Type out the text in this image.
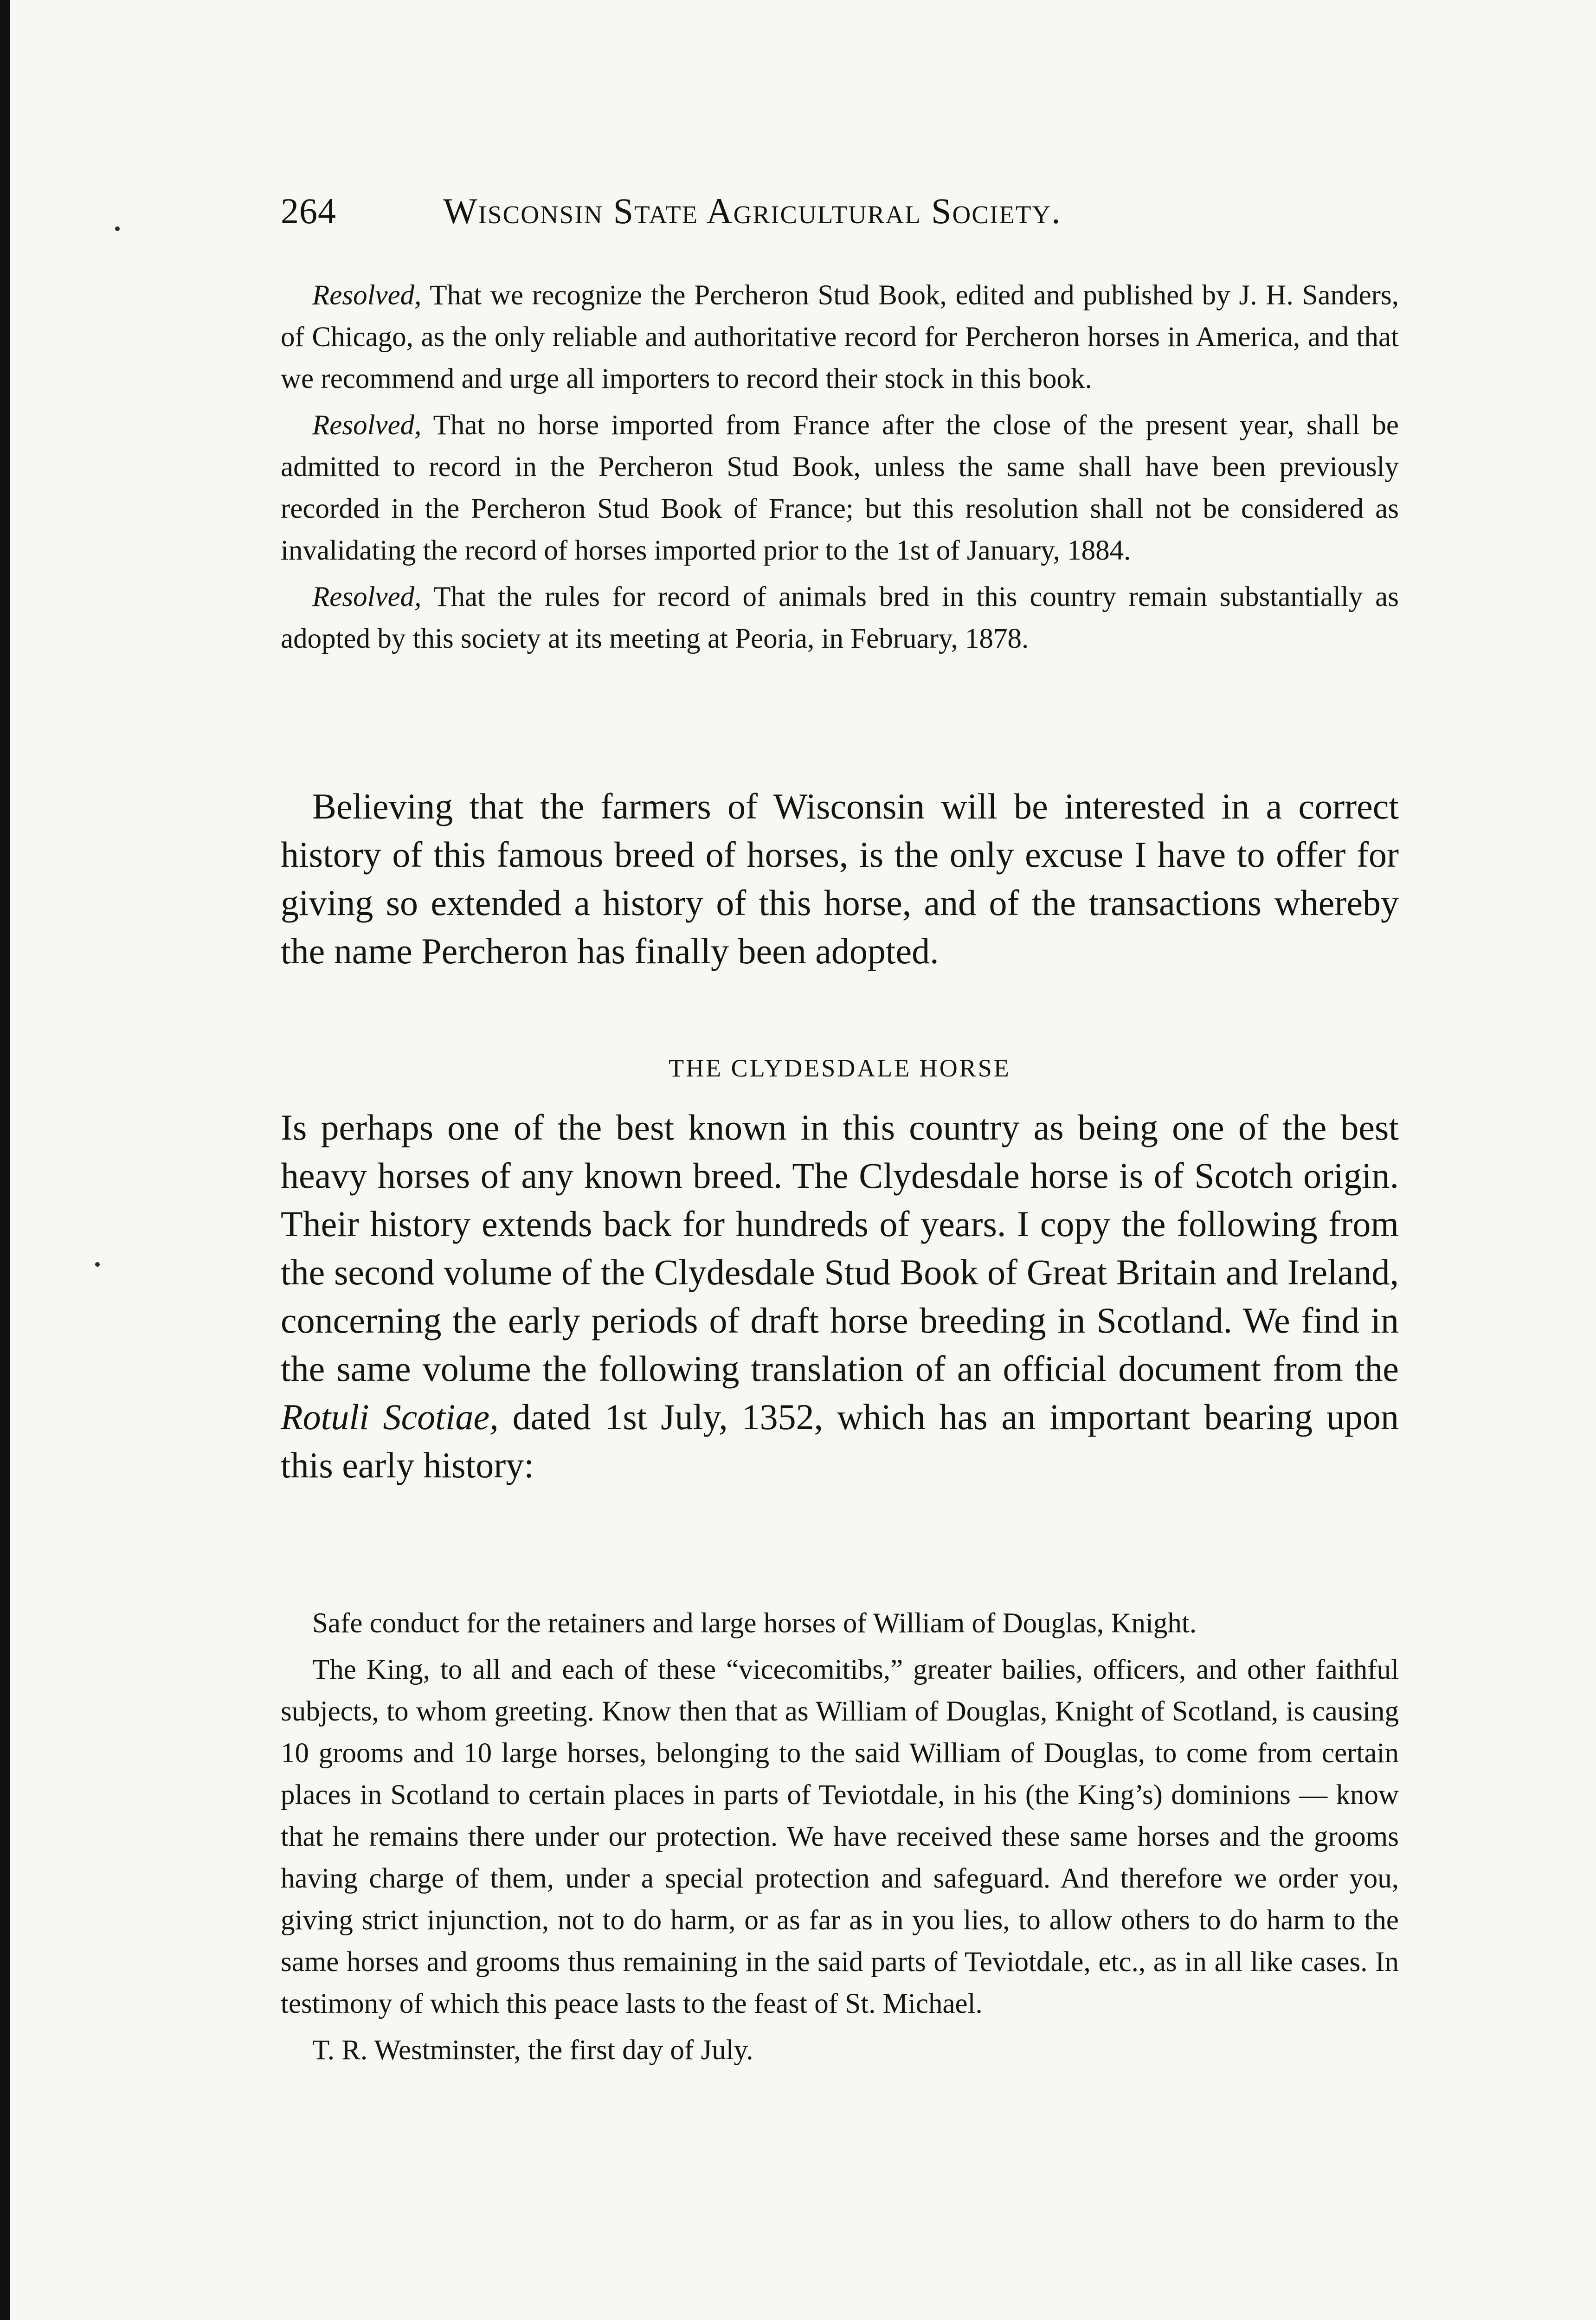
264	Wisconsin State Agricultural Society.

Resolved, That we recognize the Percheron Stud Book, edited and published by J. H. Sanders, of Chicago, as the only reliable and authoritative record for Percheron horses in America, and that we recommend and urge all importers to record their stock in this book.

Resolved, That no horse imported from France after the close of the present year, shall be admitted to record in the Percheron Stud Book, unless the same shall have been previously recorded in the Percheron Stud Book of France; but this resolution shall not be considered as invalidating the record of horses imported prior to the 1st of January, 1884.

Resolved, That the rules for record of animals bred in this country remain substantially as adopted by this society at its meeting at Peoria, in February, 1878.

Believing that the farmers of Wisconsin will be interested in a correct history of this famous breed of horses, is the only excuse I have to offer for giving so extended a history of this horse, and of the transactions whereby the name Percheron has finally been adopted.

THE CLYDESDALE HORSE

Is perhaps one of the best known in this country as being one of the best heavy horses of any known breed. The Clydesdale horse is of Scotch origin. Their history extends back for hundreds of years. I copy the following from the second volume of the Clydesdale Stud Book of Great Britain and Ireland, concerning the early periods of draft horse breeding in Scotland. We find in the same volume the following translation of an official document from the Rotuli Scotiae, dated 1st July, 1352, which has an important bearing upon this early history:

Safe conduct for the retainers and large horses of William of Douglas, Knight.

The King, to all and each of these “vicecomitibs,” greater bailies, officers, and other faithful subjects, to whom greeting. Know then that as William of Douglas, Knight of Scotland, is causing 10 grooms and 10 large horses, belonging to the said William of Douglas, to come from certain places in Scotland to certain places in parts of Teviotdale, in his (the King’s) dominions — know that he remains there under our protection. We have received these same horses and the grooms having charge of them, under a special protection and safeguard. And therefore we order you, giving strict injunction, not to do harm, or as far as in you lies, to allow others to do harm to the same horses and grooms thus remaining in the said parts of Teviotdale, etc., as in all like cases. In testimony of which this peace lasts to the feast of St. Michael.

T. R. Westminster, the first day of July.
